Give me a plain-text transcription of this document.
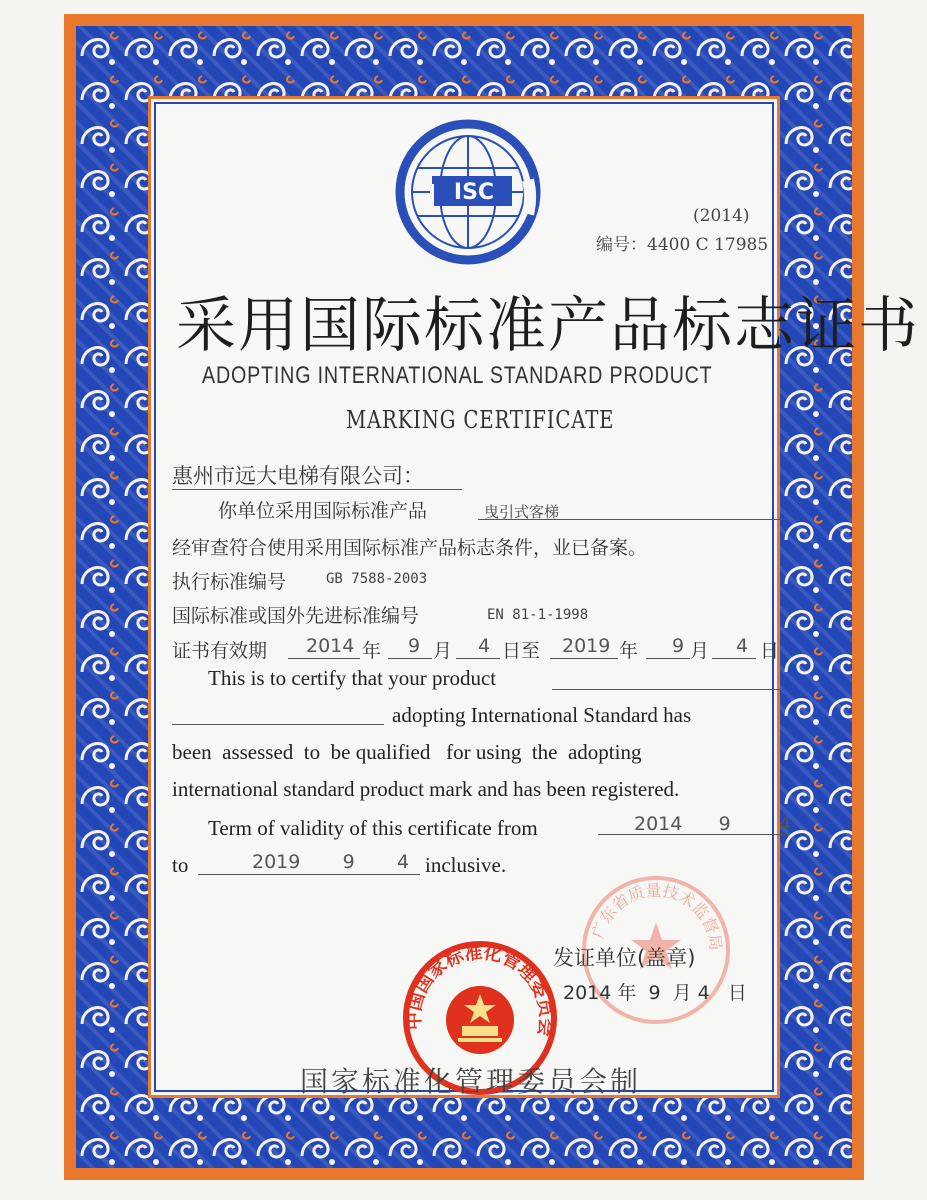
ISC
(2014)
编号：4400 C 17985
采用国际标准产品标志证书
ADOPTING INTERNATIONAL STANDARD PRODUCT
MARKING CERTIFICATE
惠州市远大电梯有限公司：
你单位采用国际标准产品	曳引式客梯
经审查符合使用采用国际标准产品标志条件，业已备案。
执行标准编号	GB 7588-2003
国际标准或国外先进标准编号	EN 81-1-1998
证书有效期 2014 年 9 月 4 日至 2019 年 9 月 4 日
This is to certify that your product
adopting International Standard has
been  assessed  to  be qualified   for using  the  adopting
international standard product mark and has been registered.
Term of validity of this certificate from	2014      9        4
to	2019       9       4 inclusive.
广东省质量技术监督局
发证单位(盖章)
2014 年  9  月 4   日
中国国家标准化管理委员会
国家标准化管理委员会制
